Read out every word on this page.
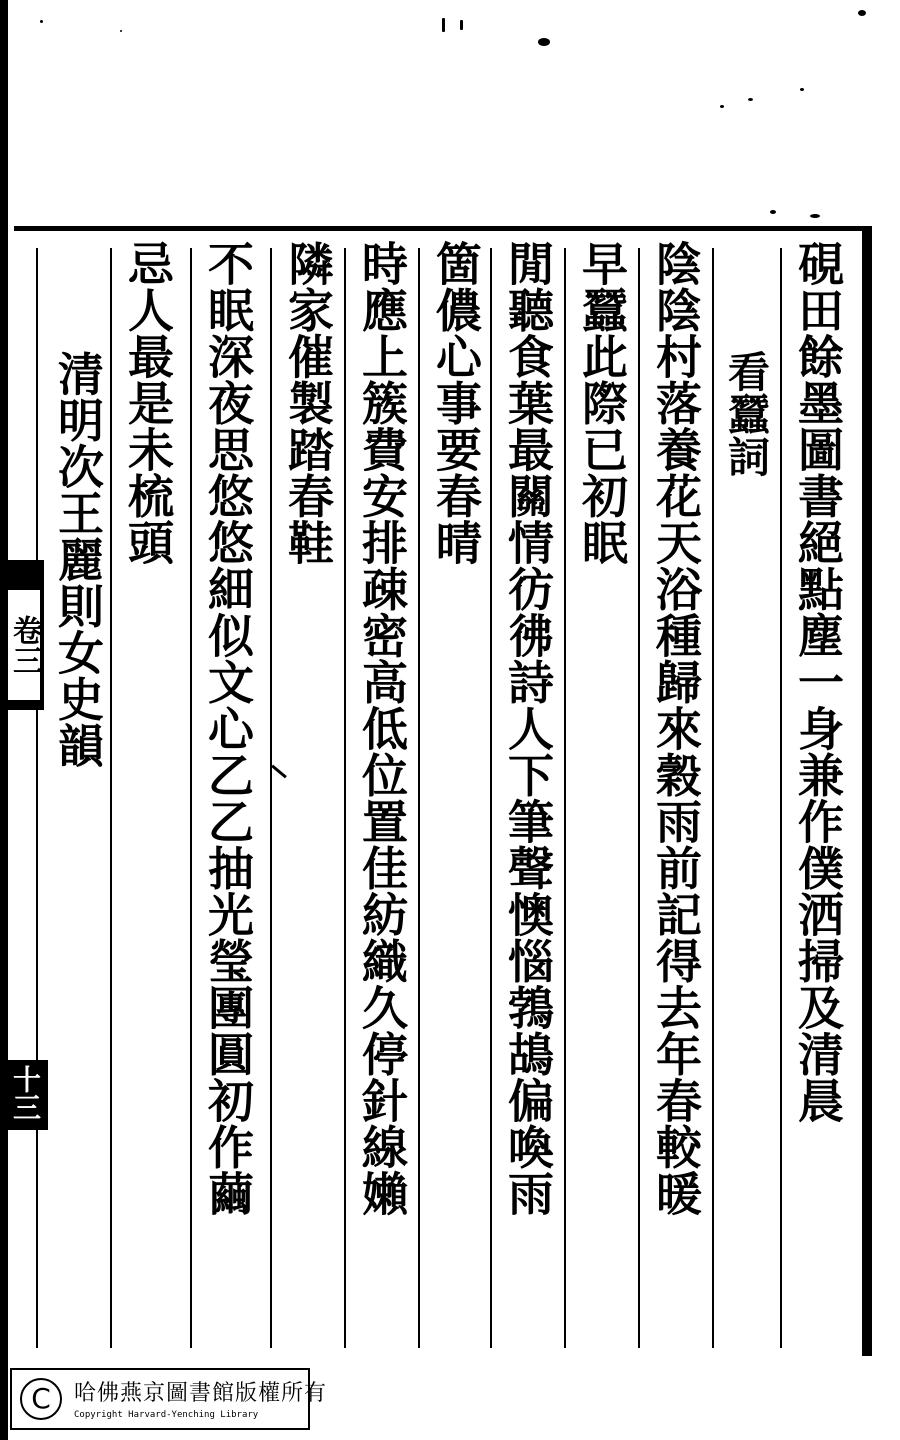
硯田餘墨圖書絕點塵一身兼作僕洒掃及清晨
看蠶詞
陰陰村落養花天浴種歸來穀雨前記得去年春較暖
早蠶此際已初眠
閒聽食葉最關情彷彿詩人下筆聲懊惱鵓鴣偏喚雨
箇儂心事要春晴
時應上簇費安排疎密高低位置佳紡織久停針線嬾
隣家催製踏春鞋
不眠深夜思悠悠細似文心乙乙抽光瑩團圓初作繭
忌人最是未梳頭
清明次王麗則女史韻
卷三
十三
C	哈佛燕京圖書館版權所有
Copyright Harvard-Yenching Library
